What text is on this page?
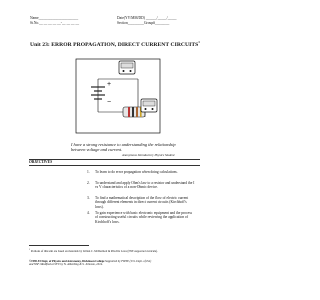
Name______________________
St.No.__ __ __ __ __-__ __ __ __
Date(YY/MM/DD) ______/_____/_____
Section_________Group#________
Unit 23: ERROR PROPAGATION, DIRECT CURRENT $CIRCUITS^1$
+
−
I have a strong resistance to understanding the relationship between voltage and current.
Anonymous Introductory Physics Student
OBJECTIVES
1. To learn to do error propagation when doing calculations.
2. To understand and apply Ohm's law to a resistor and understand the I vs V characteristics of a non-Ohmic device.
3. To find a mathematical description of the flow of electric current through different elements in direct current circuits (Kirchhoff's laws).
4. To gain experience with basic electronic equipment and the process of constructing useful circuits while reviewing the application of Kirchhoff's laws.
$^1$ Portions of this unit are based on materials by Lillian C. McDermott & Priscilla Laws (NSF-supported curricula).
©1990-93 Dept. of Physics and Astronomy, Dickinson College Supported by FIPSE (U.S. Dept. of Ed.)
and NSF. Modified at SFU by N. Alberding & S. Johnson, 2014.
